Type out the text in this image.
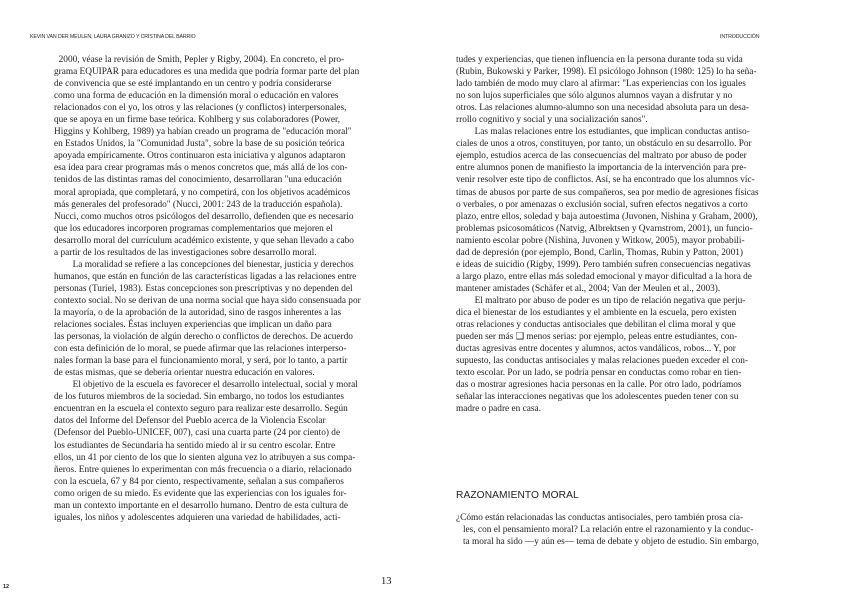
KEVIN VAN DER MEULEN, LAURA GRANIZO Y CRISTINA DEL BARRIO	INTRODUCCIÓN
2000, véase la revisión de Smith, Pepler y Rigby, 2004). En concreto, el pro-
grama EQUIPAR para educadores es una medida que podría formar parte del plan
de convivencia que se esté implantando en un centro y podría considerarse
como una forma de educación en la dimensión moral o educación en valores
relacionados con el yo, los otros y las relaciones (y conflictos) interpersonales,
que se apoya en un firme base teórica. Kohlberg y sus colaboradores (Power,
Higgins y Kohlberg, 1989) ya habían creado un programa de "educación moral"
en Estados Unidos, la "Comunidad Justa", sobre la base de su posición teórica
apoyada empíricamente. Otros continuaron esta iniciativa y algunos adaptaron
esa idea para crear programas más o menos concretos que, más allá de los con-
tenidos de las distintas ramas del conocimiento, desarrollaran "una educación
moral apropiada, que completará, y no competirá, con los objetivos académicos
más generales del profesorado" (Nucci, 2001: 243 de la traducción española).
Nucci, como muchos otros psicólogos del desarrollo, defienden que es necesario
que los educadores incorporen programas complementarios que mejoren el
desarrollo moral del currículum académico existente, y que sehan llevado a cabo
a partir de los resultados de las investigaciones sobre desarrollo moral.
La moralidad se refiere a las concepciones del bienestar, justicia y derechos
humanos, que están en función de las características ligadas a las relaciones entre
personas (Turiel, 1983). Estas concepciones son prescriptivas y no dependen del
contexto social. No se derivan de una norma social que haya sido consensuada por
la mayoría, o de la aprobación de la autoridad, sino de rasgos inherentes a las
relaciones sociales. Éstas incluyen experiencias que implican un daño para
las personas, la violación de algún derecho o conflictos de derechos. De acuerdo
con esta definición de lo moral, se puede afirmar que las relaciones interperso-
nales forman la base para el funcionamiento moral, y será, por lo tanto, a partir
de estas mismas, que se debería orientar nuestra educación en valores.
El objetivo de la escuela es favorecer el desarrollo intelectual, social y moral
de los futuros miembros de la sociedad. Sin embargo, no todos los estudiantes
encuentran en la escuela el contexto seguro para realizar este desarrollo. Según
datos del Informe del Defensor del Pueblo acerca de la Violencia Escolar
(Defensor del Pueblo-UNICEF, 007), casi una cuarta parte (24 por ciento) de
los estudiantes de Secundaria ha sentido miedo al ir su centro escolar. Entre
ellos, un 41 por ciento de los que lo sienten alguna vez lo atribuyen a sus compa-
ñeros. Entre quienes lo experimentan con más frecuencia o a diario, relacionado
con la escuela, 67 y 84 por ciento, respectivamente, señalan a sus compañeros
como origen de su miedo. Es evidente que las experiencias con los iguales for-
man un contexto importante en el desarrollo humano. Dentro de esta cultura de
iguales, los niños y adolescentes adquieren una variedad de habilidades, acti-
tudes y experiencias, que tienen influencia en la persona durante toda su vida
(Rubin, Bukowski y Parker, 1998). El psicólogo Johnson (1980: 125) lo ha seña-
lado también de modo muy claro al afirmar: "Las experiencias con los iguales
no son lujos superficiales que sólo algunos alumnos vayan a disfrutar y no
otros. Las relaciones alumno-alumno son una necesidad absoluta para un desa-
rrollo cognitivo y social y una socialización sanos".
Las malas relaciones entre los estudiantes, que implican conductas antiso-
ciales de unos a otros, constituyen, por tanto, un obstáculo en su desarrollo. Por
ejemplo, estudios acerca de las consecuencias del maltrato por abuso de poder
entre alumnos ponen de manifiesto la importancia de la intervención para pre-
venir resolver este tipo de conflictos. Así, se ha encontrado que los alumnos víc-
timas de abusos por parte de sus compañeros, sea por medio de agresiones físicas
o verbales, o por amenazas o exclusión social, sufren efectos negativos a corto
plazo, entre ellos, soledad y baja autoestima (Juvonen, Nishina y Graham, 2000),
problemas psicosomáticos (Natvig, Albrektsen y Qvarnstrom, 2001), un funcio-
namiento escolar pobre (Nishina, Juvonen y Witkow, 2005), mayor probabili-
dad de depresión (por ejemplo, Bond, Carlin, Thomas, Rubin y Patton, 2001)
e ideas de suicidio (Rigby, 1999). Pero también sufren consecuencias negativas
a largo plazo, entre ellas más soledad emocional y mayor dificultad a la hora de
mantener amistades (Schäfer et al., 2004; Van der Meulen et al., 2003).
El maltrato por abuso de poder es un tipo de relación negativa que perju-
dica el bienestar de los estudiantes y el ambiente en la escuela, pero existen
otras relaciones y conductas antisociales que debilitan el clima moral y que
pueden ser más ❑ menos serias: por ejemplo, peleas entre estudiantes, con-
ductas agresivas entre docentes y alumnos, actos vandálicos, robos... Y, por
supuesto, las conductas antisociales y malas relaciones pueden exceder el con-
texto escolar. Por un lado, se podría pensar en conductas como robar en tien-
das o mostrar agresiones hacia personas en la calle. Por otro lado, podríamos
señalar las interacciones negativas que los adolescentes pueden tener con su
madre o padre en casa.
RAZONAMIENTO MORAL
¿Cómo están relacionadas las conductas antisociales, pero también prosa cia-
les, con el pensamiento moral? La relación entre el razonamiento y la conduc-
ta moral ha sido —y aún es— tema de debate y objeto de estudio. Sin embargo,
13
12
